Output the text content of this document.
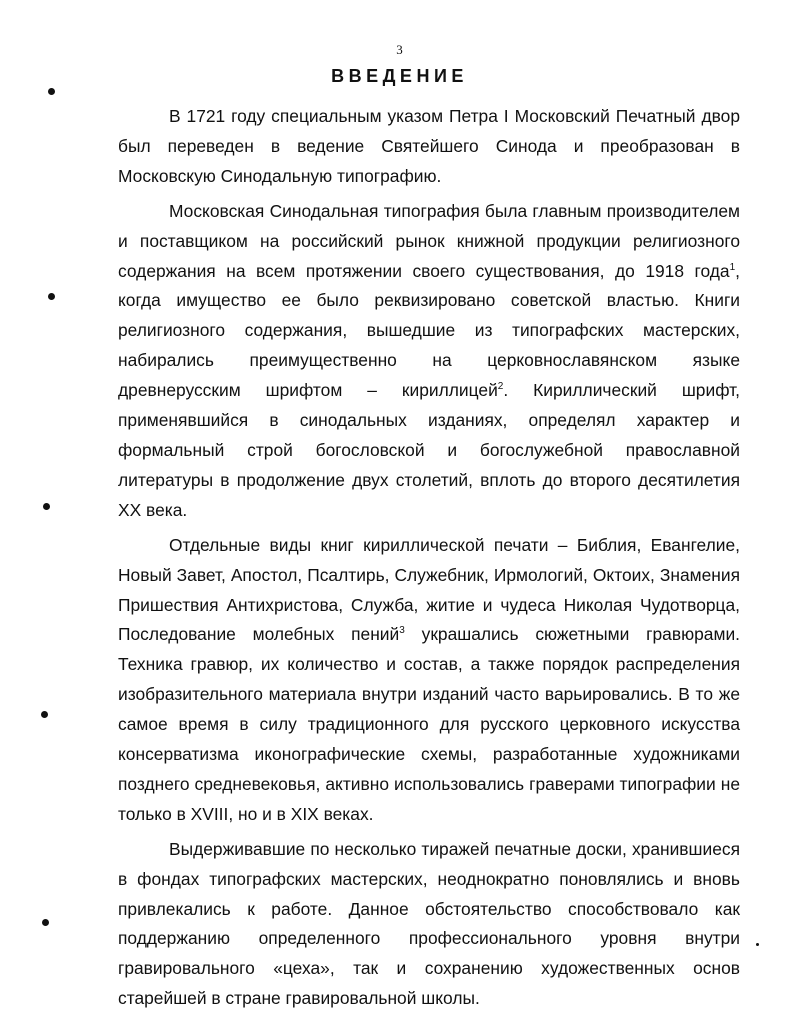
3
ВВЕДЕНИЕ

В 1721 году специальным указом Петра I Московский Печатный двор был переведен в ведение Святейшего Синода и преобразован в Московскую Синодальную типографию.

Московская Синодальная типография была главным производителем и поставщиком на российский рынок книжной продукции религиозного содержания на всем протяжении своего существования, до 1918 года$^1$, когда имущество ее было реквизировано советской властью. Книги религиозного содержания, вышедшие из типографских мастерских, набирались преимущественно на церковнославянском языке древнерусским шрифтом – кириллицей$^2$. Кириллический шрифт, применявшийся в синодальных изданиях, определял характер и формальный строй богословской и богослужебной православной литературы в продолжение двух столетий, вплоть до второго десятилетия XX века.

Отдельные виды книг кириллической печати – Библия, Евангелие, Новый Завет, Апостол, Псалтирь, Служебник, Ирмологий, Октоих, Знамения Пришествия Антихристова, Служба, житие и чудеса Николая Чудотворца, Последование молебных пений$^3$ украшались сюжетными гравюрами. Техника гравюр, их количество и состав, а также порядок распределения изобразительного материала внутри изданий часто варьировались. В то же самое время в силу традиционного для русского церковного искусства консерватизма иконографические схемы, разработанные художниками позднего средневековья, активно использовались граверами типографии не только в XVIII, но и в XIX веках.

Выдерживавшие по несколько тиражей печатные доски, хранившиеся в фондах типографских мастерских, неоднократно поновлялись и вновь привлекались к работе. Данное обстоятельство способствовало как поддержанию определенного профессионального уровня внутри гравировального «цеха», так и сохранению художественных основ старейшей в стране гравировальной школы.
